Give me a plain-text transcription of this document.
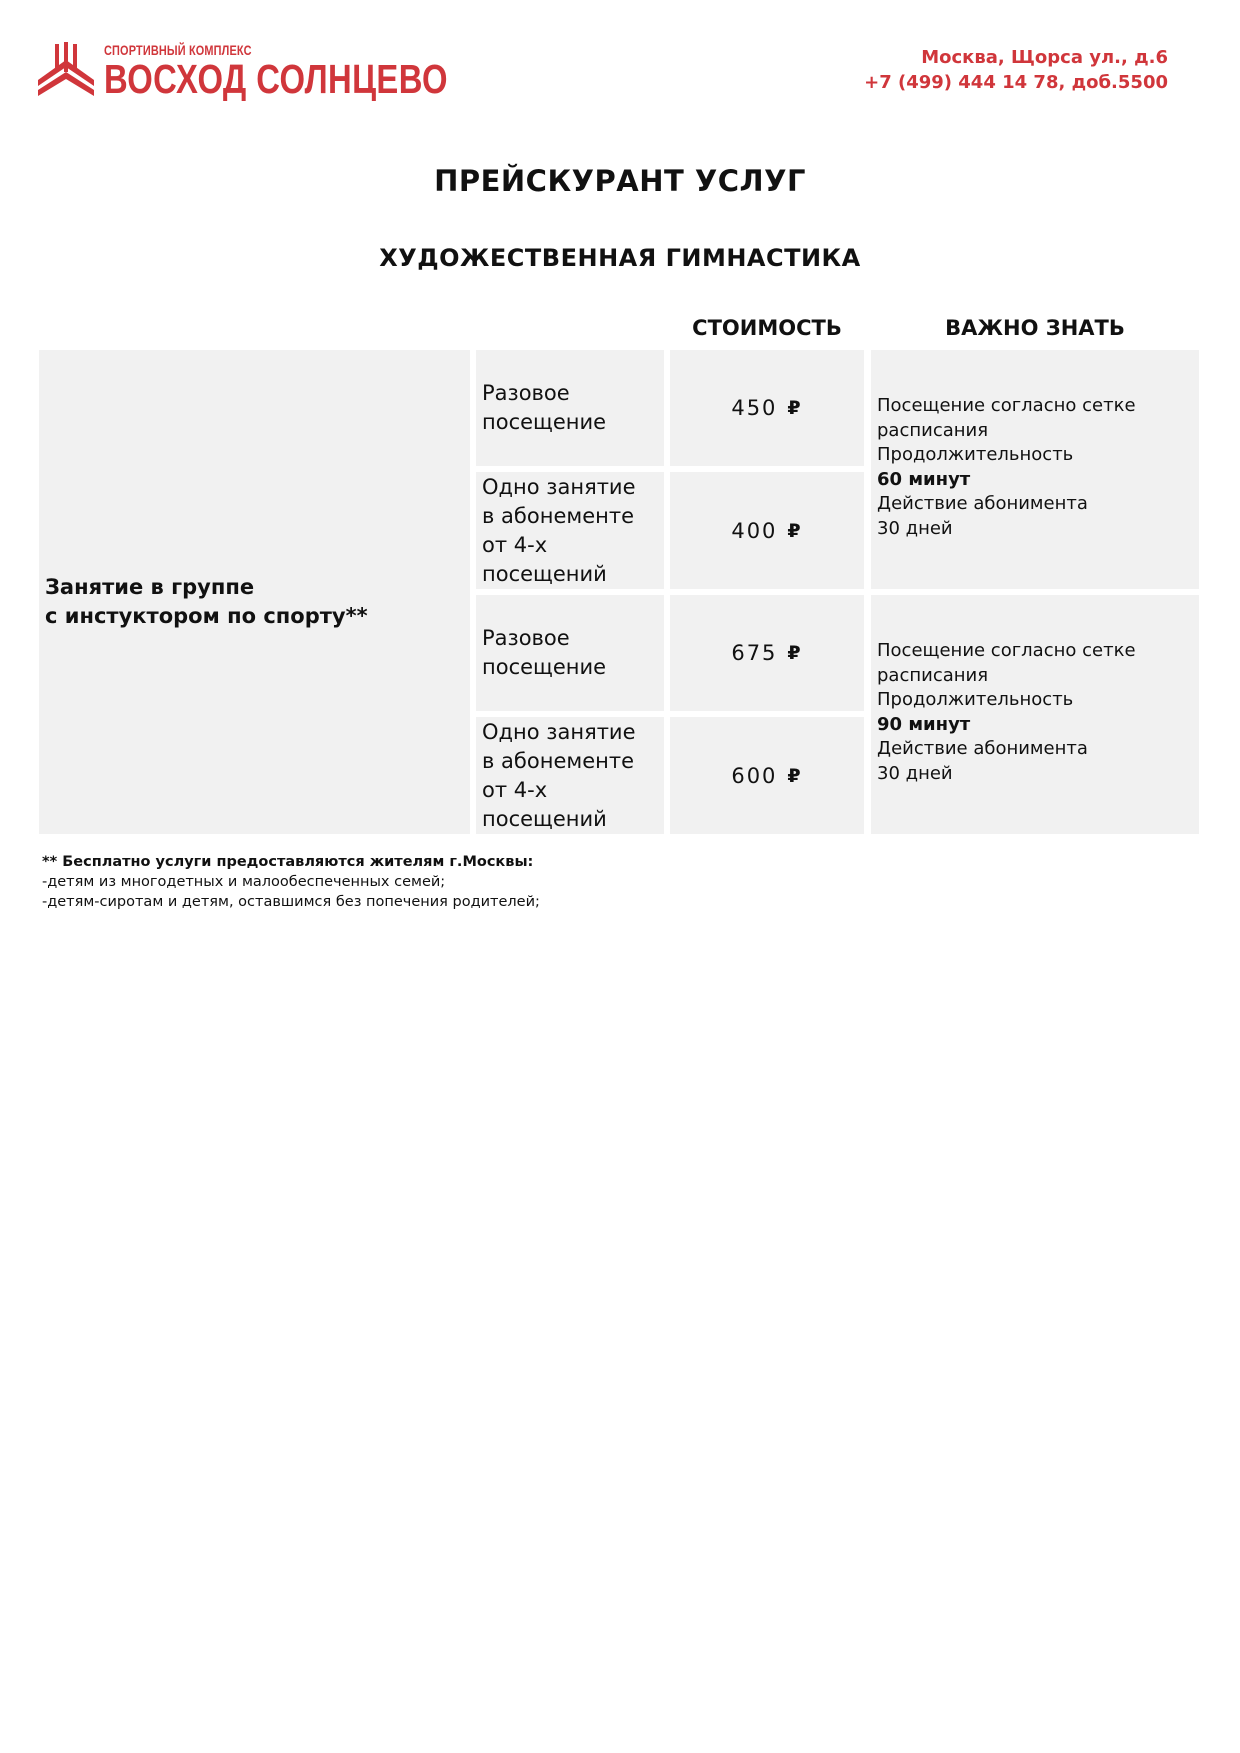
СПОРТИВНЫЙ КОМПЛЕКС
ВОСХОД СОЛНЦЕВО	Москва, Щорса ул., д.6
+7 (499) 444 14 78, доб.5500
ПРЕЙСКУРАНТ УСЛУГ
ХУДОЖЕСТВЕННАЯ ГИМНАСТИКА
СТОИМОСТЬ	ВАЖНО ЗНАТЬ
Занятие в группе
с инстуктором по спорту**
Разовое
посещение
Одно занятие
в абонементе
от 4-х
посещений
Разовое
посещение
Одно занятие
в абонементе
от 4-х
посещений
450 ₽
400 ₽
675 ₽
600 ₽
Посещение согласно сетке
расписания
Продолжительность
60 минут
Действие абонимента
30 дней
Посещение согласно сетке
расписания
Продолжительность
90 минут
Действие абонимента
30 дней
** Бесплатно услуги предоставляются жителям г.Москвы:
-детям из многодетных и малообеспеченных семей;
-детям-сиротам и детям, оставшимся без попечения родителей;
